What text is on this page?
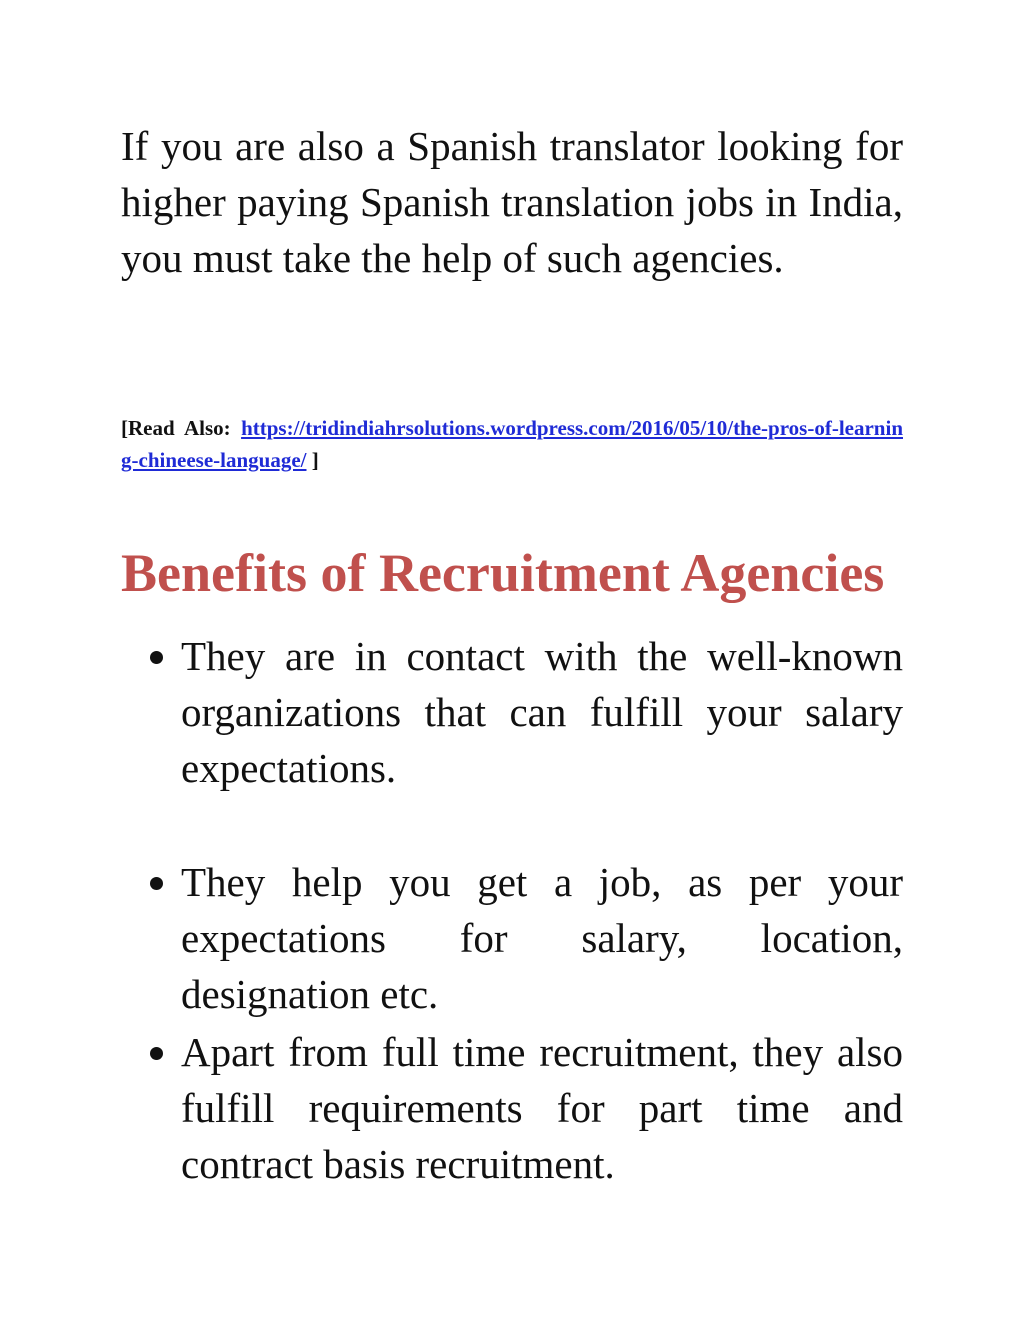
If you are also a Spanish translator looking for higher paying Spanish translation jobs in India, you must take the help of such agencies.

[Read Also: https://tridindiahrsolutions.wordpress.com/2016/05/10/the-pros-of-learning-chineese-language/ ]

Benefits of Recruitment Agencies

They are in contact with the well-known organizations that can fulfill your salary expectations.

They help you get a job, as per your expectations for salary, location, designation etc.

Apart from full time recruitment, they also fulfill requirements for part time and contract basis recruitment.
